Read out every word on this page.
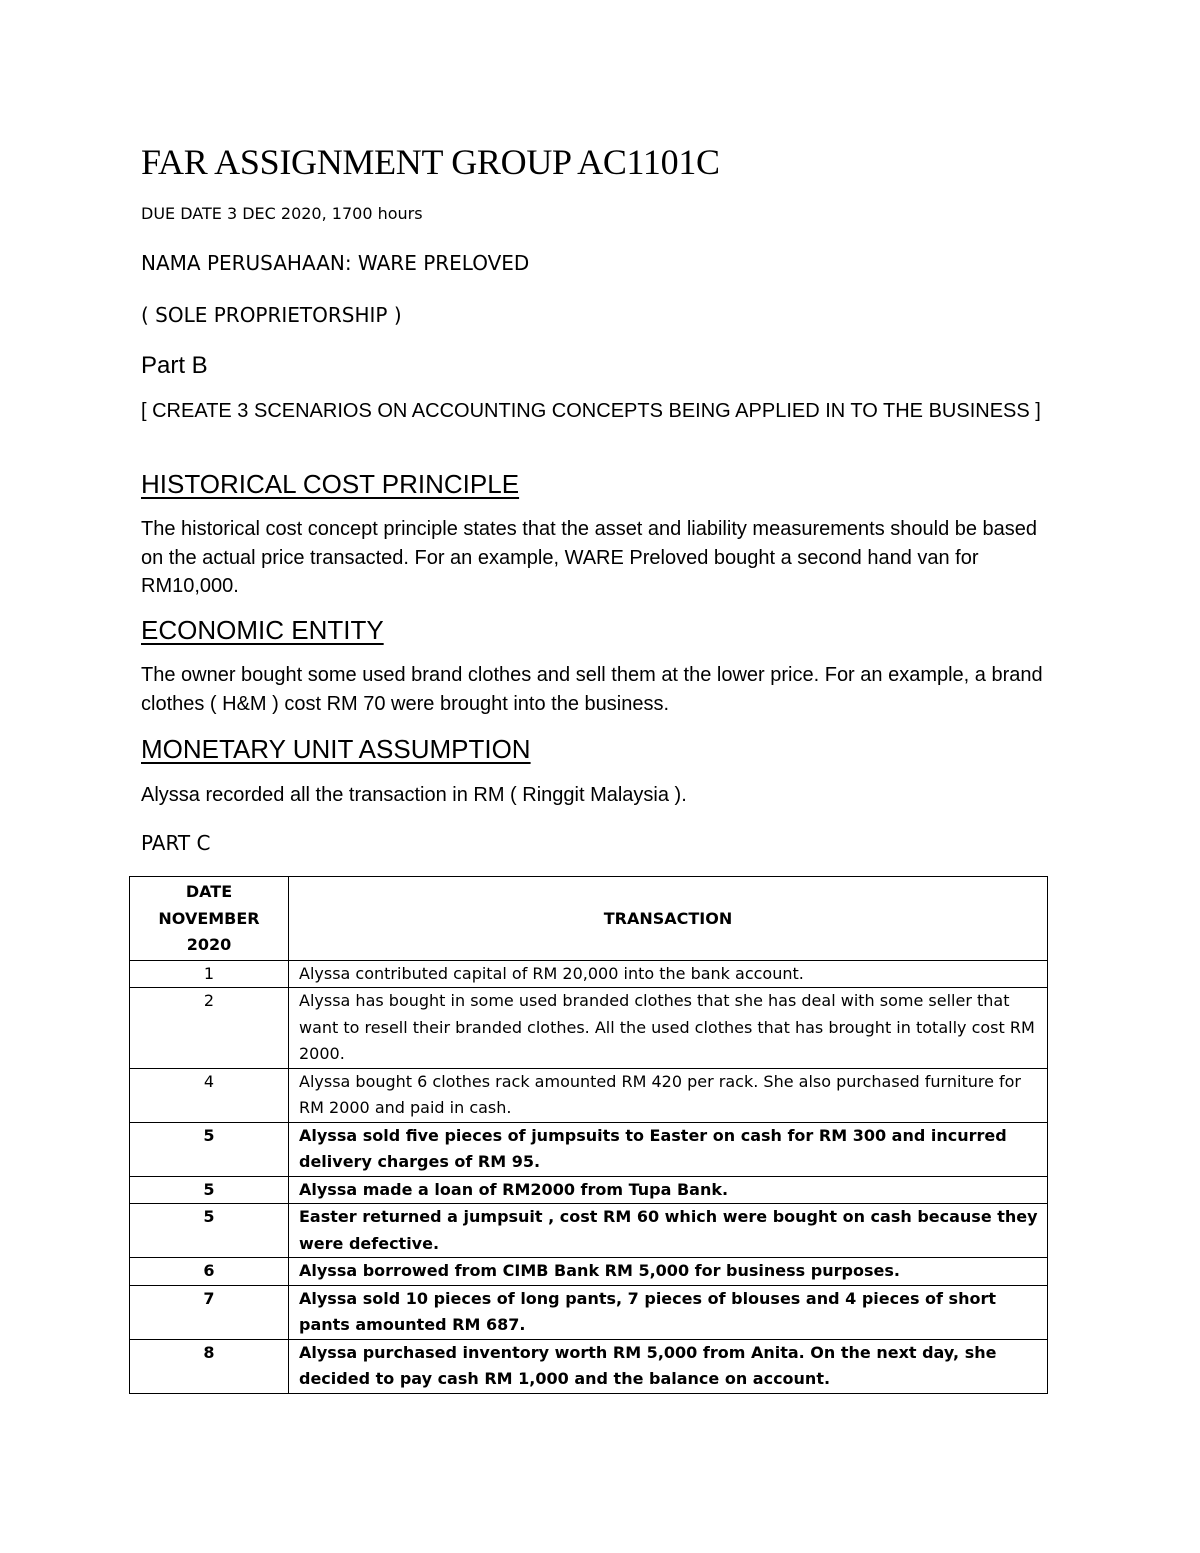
FAR ASSIGNMENT GROUP AC1101C

DUE DATE 3 DEC 2020, 1700 hours

NAMA PERUSAHAAN: WARE PRELOVED

( SOLE PROPRIETORSHIP )

Part B

[ CREATE 3 SCENARIOS ON ACCOUNTING CONCEPTS BEING APPLIED IN TO THE BUSINESS ]

HISTORICAL COST PRINCIPLE

The historical cost concept principle states that the asset and liability measurements should be based on the actual price transacted. For an example, WARE Preloved bought a second hand van for RM10,000.

ECONOMIC ENTITY

The owner bought some used brand clothes and sell them at the lower price. For an example, a brand clothes ( H&M ) cost RM 70 were brought into the business.

MONETARY UNIT ASSUMPTION

Alyssa recorded all the transaction in RM ( Ringgit Malaysia ).

PART C

DATE
NOVEMBER
2020	TRANSACTION
1	Alyssa contributed capital of RM 20,000 into the bank account.
2	Alyssa has bought in some used branded clothes that she has deal with some seller that want to resell their branded clothes. All the used clothes that has brought in totally cost RM 2000.
4	Alyssa bought 6 clothes rack amounted RM 420 per rack. She also purchased furniture for RM 2000 and paid in cash.
5	Alyssa sold five pieces of jumpsuits to Easter on cash for RM 300 and incurred delivery charges of RM 95.
5	Alyssa made a loan of RM2000 from Tupa Bank.
5	Easter returned a jumpsuit , cost RM 60 which were bought on cash because they were defective.
6	Alyssa borrowed from CIMB Bank RM 5,000 for business purposes.
7	Alyssa sold 10 pieces of long pants, 7 pieces of blouses and 4 pieces of short pants amounted RM 687.
8	Alyssa purchased inventory worth RM 5,000 from Anita. On the next day, she decided to pay cash RM 1,000 and the balance on account.
